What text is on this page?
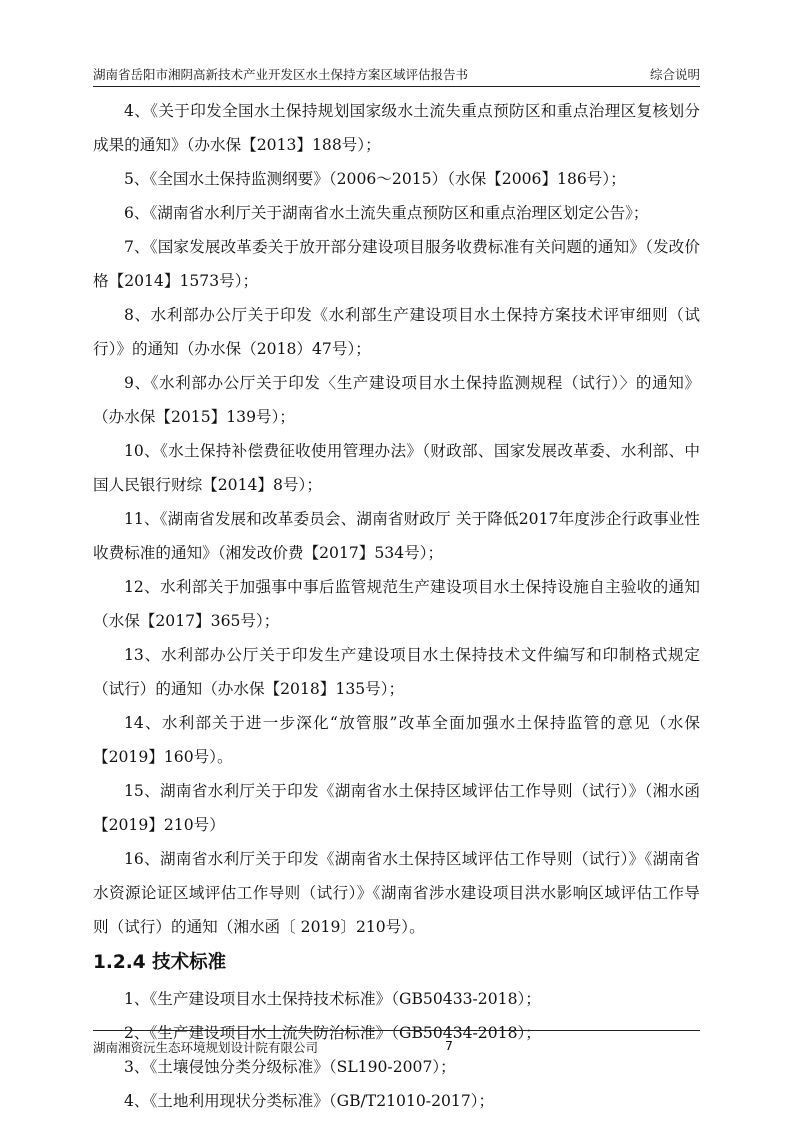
湖南省岳阳市湘阴高新技术产业开发区水土保持方案区域评估报告书	综合说明

4、《关于印发全国水土保持规划国家级水土流失重点预防区和重点治理区复核划分成果的通知》（办水保【2013】188号）；

5、《全国水土保持监测纲要》（2006～2015）（水保【2006】186号）；

6、《湖南省水利厅关于湖南省水土流失重点预防区和重点治理区划定公告》；

7、《国家发展改革委关于放开部分建设项目服务收费标准有关问题的通知》（发改价格【2014】1573号）；

8、水利部办公厅关于印发《水利部生产建设项目水土保持方案技术评审细则（试行）》的通知（办水保（2018）47号）；

9、《水利部办公厅关于印发〈生产建设项目水土保持监测规程（试行）〉的通知》（办水保【2015】139号）；

10、《水土保持补偿费征收使用管理办法》（财政部、国家发展改革委、水利部、中国人民银行财综【2014】8号）；

11、《湖南省发展和改革委员会、湖南省财政厅 关于降低2017年度涉企行政事业性收费标准的通知》（湘发改价费【2017】534号）；

12、水利部关于加强事中事后监管规范生产建设项目水土保持设施自主验收的通知（水保【2017】365号）；

13、水利部办公厅关于印发生产建设项目水土保持技术文件编写和印制格式规定（试行）的通知（办水保【2018】135号）；

14、水利部关于进一步深化“放管服”改革全面加强水土保持监管的意见（水保【2019】160号）。

15、湖南省水利厅关于印发《湖南省水土保持区域评估工作导则（试行）》（湘水函【2019】210号）

16、湖南省水利厅关于印发《湖南省水土保持区域评估工作导则（试行）》《湖南省水资源论证区域评估工作导则（试行）》《湖南省涉水建设项目洪水影响区域评估工作导则（试行）的通知（湘水函〔 2019〕210号）。

1.2.4 技术标准

1、《生产建设项目水土保持技术标准》（GB50433-2018）；

2、《生产建设项目水土流失防治标准》（GB50434-2018）；

3、《土壤侵蚀分类分级标准》（SL190-2007）；

4、《土地利用现状分类标准》（GB/T21010-2017）；

湖南湘资沅生态环境规划设计院有限公司	7
